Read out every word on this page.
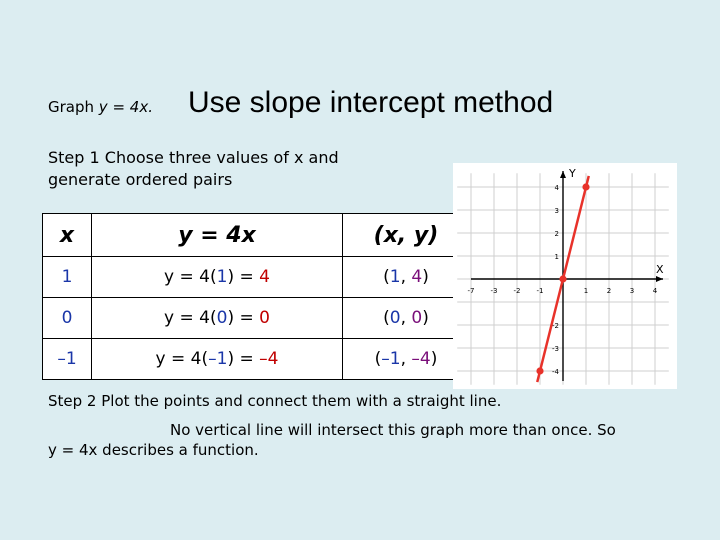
Graph y = 4x. Use slope intercept method
Step 1 Choose three values of x and generate ordered pairs
x	y = 4x	(x, y)
1	y = 4(1) = 4	(1, 4)
0	y = 4(0) = 0	(0, 0)
–1	y = 4(–1) = –4	(–1, –4)
X
Y
-7 -3 -2 -1	1	2	3	4
4
3
2
1
-2
-3
-4
Step 2 Plot the points and connect them with a straight line.
No vertical line will intersect this graph more than once. So
y = 4x describes a function.
